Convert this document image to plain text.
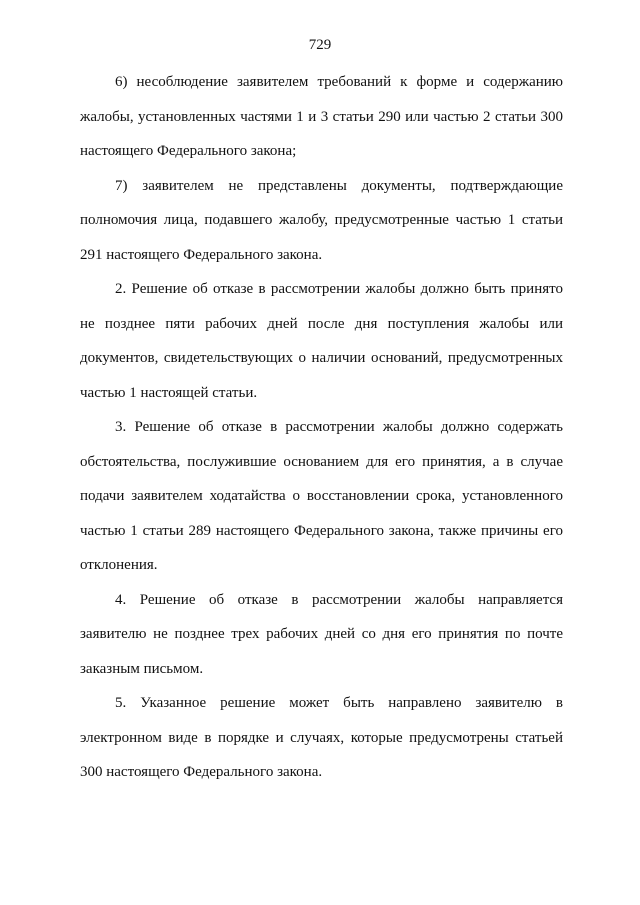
729

6) несоблюдение заявителем требований к форме и содержанию жалобы, установленных частями 1 и 3 статьи 290 или частью 2 статьи 300 настоящего Федерального закона;

7) заявителем не представлены документы, подтверждающие полномочия лица, подавшего жалобу, предусмотренные частью 1 статьи 291 настоящего Федерального закона.

2. Решение об отказе в рассмотрении жалобы должно быть принято не позднее пяти рабочих дней после дня поступления жалобы или документов, свидетельствующих о наличии оснований, предусмотренных частью 1 настоящей статьи.

3. Решение об отказе в рассмотрении жалобы должно содержать обстоятельства, послужившие основанием для его принятия, а в случае подачи заявителем ходатайства о восстановлении срока, установленного частью 1 статьи 289 настоящего Федерального закона, также причины его отклонения.

4. Решение об отказе в рассмотрении жалобы направляется заявителю не позднее трех рабочих дней со дня его принятия по почте заказным письмом.

5. Указанное решение может быть направлено заявителю в электронном виде в порядке и случаях, которые предусмотрены статьей 300 настоящего Федерального закона.
